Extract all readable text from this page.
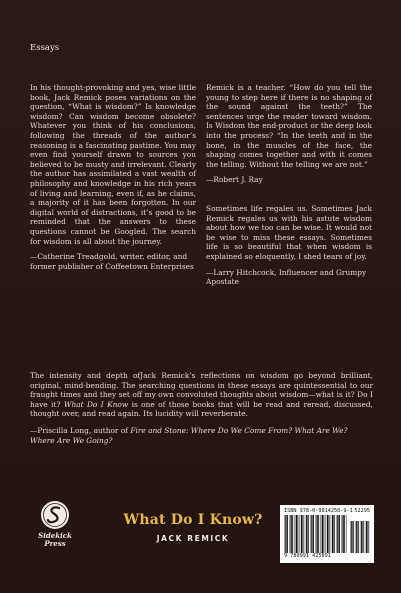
Essays

In his thought-provoking and yes, wise little book, Jack Remick poses variations on the question, “What is wisdom?” Is knowledge wisdom? Can wisdom become obsolete? Whatever you think of his conclusions, following the threads of the author’s reasoning is a fascinating pastime. You may even find yourself drawn to sources you believed to be musty and irrelevant. Clearly the author has assimilated a vast wealth of philosophy and knowledge in his rich years of living and learning, even if, as he claims, a majority of it has been forgotten. In our digital world of distractions, it’s good to be reminded that the answers to these questions cannot be Googled. The search for wisdom is all about the journey.

—Catherine Treadgold, writer, editor, and former publisher of Coffeetown Enterprises

Remick is a teacher. “How do you tell the young to step here if there is no shaping of the sound against the teeth?” The sentences urge the reader toward wisdom. Is Wisdom the end-product or the deep look into the process? “In the teeth and in the bone, in the muscles of the face, the shaping comes together and with it comes the telling. Without the telling we are not.”

—Robert J. Ray

Sometimes life regales us. Sometimes Jack Remick regales us with his astute wisdom about how we too can be wise. It would not be wise to miss these essays. Sometimes life is so beautiful that when wisdom is explained so eloquently, I shed tears of joy.

—Larry Hitchcock, Influencer and Grumpy Apostate

The intensity and depth ofJack Remick’s reflections on wisdom go beyond brilliant, original, mind-bending. The searching questions in these essays are quintessential to our fraught times and they set off my own convoluted thoughts about wisdom—what is it? Do I have it? What Do I Know is one of those books that will be read and reread, discussed, thought over, and read again. Its lucidity will reverberate.

—Priscilla Long, author of Fire and Stone: Where Do We Come From? What Are We? Where Are We Going?

Sidekick
Press
What Do I Know?
JACK REMICK
ISBN 978-0-9914256-9-1 52295
9 780991 425891
